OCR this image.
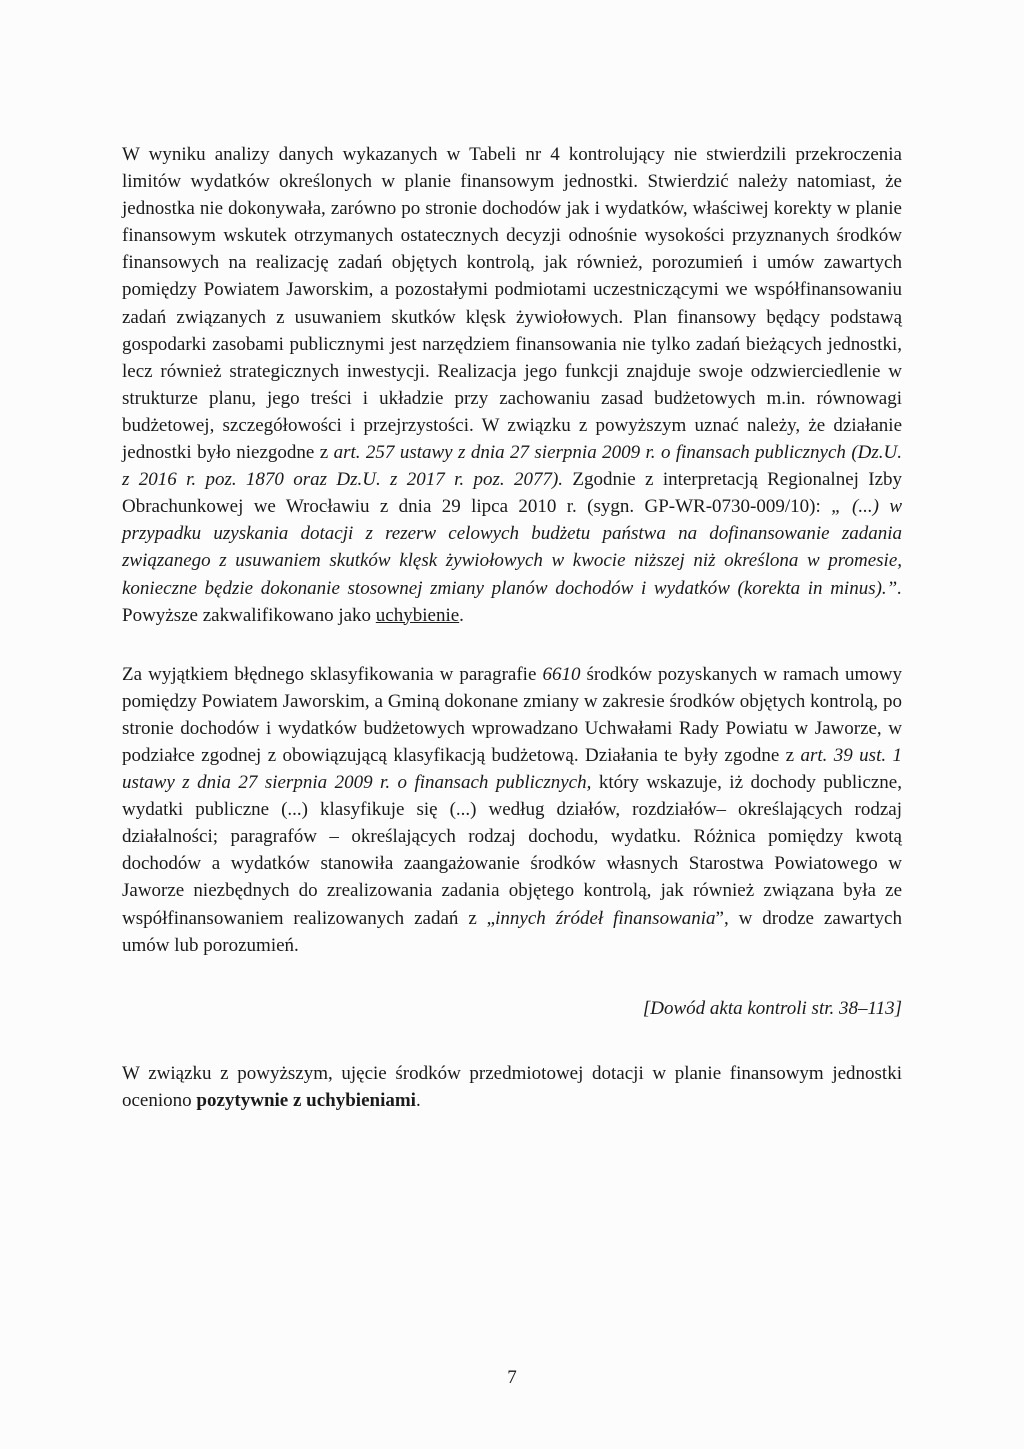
W wyniku analizy danych wykazanych w Tabeli nr 4 kontrolujący nie stwierdzili przekroczenia limitów wydatków określonych w planie finansowym jednostki. Stwierdzić należy natomiast, że jednostka nie dokonywała, zarówno po stronie dochodów jak i wydatków, właściwej korekty w planie finansowym wskutek otrzymanych ostatecznych decyzji odnośnie wysokości przyznanych środków finansowych na realizację zadań objętych kontrolą, jak również, porozumień i umów zawartych pomiędzy Powiatem Jaworskim, a pozostałymi podmiotami uczestniczącymi we współfinansowaniu zadań związanych z usuwaniem skutków klęsk żywiołowych. Plan finansowy będący podstawą gospodarki zasobami publicznymi jest narzędziem finansowania nie tylko zadań bieżących jednostki, lecz również strategicznych inwestycji. Realizacja jego funkcji znajduje swoje odzwierciedlenie w strukturze planu, jego treści i układzie przy zachowaniu zasad budżetowych m.in. równowagi budżetowej, szczegółowości i przejrzystości. W związku z powyższym uznać należy, że działanie jednostki było niezgodne z art. 257 ustawy z dnia 27 sierpnia 2009 r. o finansach publicznych (Dz.U. z 2016 r. poz. 1870 oraz Dz.U. z 2017 r. poz. 2077). Zgodnie z interpretacją Regionalnej Izby Obrachunkowej we Wrocławiu z dnia 29 lipca 2010 r. (sygn. GP-WR-0730-009/10): „ (...) w przypadku uzyskania dotacji z rezerw celowych budżetu państwa na dofinansowanie zadania związanego z usuwaniem skutków klęsk żywiołowych w kwocie niższej niż określona w promesie, konieczne będzie dokonanie stosownej zmiany planów dochodów i wydatków (korekta in minus).”. Powyższe zakwalifikowano jako uchybienie.

Za wyjątkiem błędnego sklasyfikowania w paragrafie 6610 środków pozyskanych w ramach umowy pomiędzy Powiatem Jaworskim, a Gminą dokonane zmiany w zakresie środków objętych kontrolą, po stronie dochodów i wydatków budżetowych wprowadzano Uchwałami Rady Powiatu w Jaworze, w podziałce zgodnej z obowiązującą klasyfikacją budżetową. Działania te były zgodne z art. 39 ust. 1 ustawy z dnia 27 sierpnia 2009 r. o finansach publicznych, który wskazuje, iż dochody publiczne, wydatki publiczne (...) klasyfikuje się (...) według działów, rozdziałów– określających rodzaj działalności; paragrafów – określających rodzaj dochodu, wydatku. Różnica pomiędzy kwotą dochodów a wydatków stanowiła zaangażowanie środków własnych Starostwa Powiatowego w Jaworze niezbędnych do zrealizowania zadania objętego kontrolą, jak również związana była ze współfinansowaniem realizowanych zadań z „innych źródeł finansowania”, w drodze zawartych umów lub porozumień.

[Dowód akta kontroli str. 38–113]

W związku z powyższym, ujęcie środków przedmiotowej dotacji w planie finansowym jednostki oceniono pozytywnie z uchybieniami.

7
